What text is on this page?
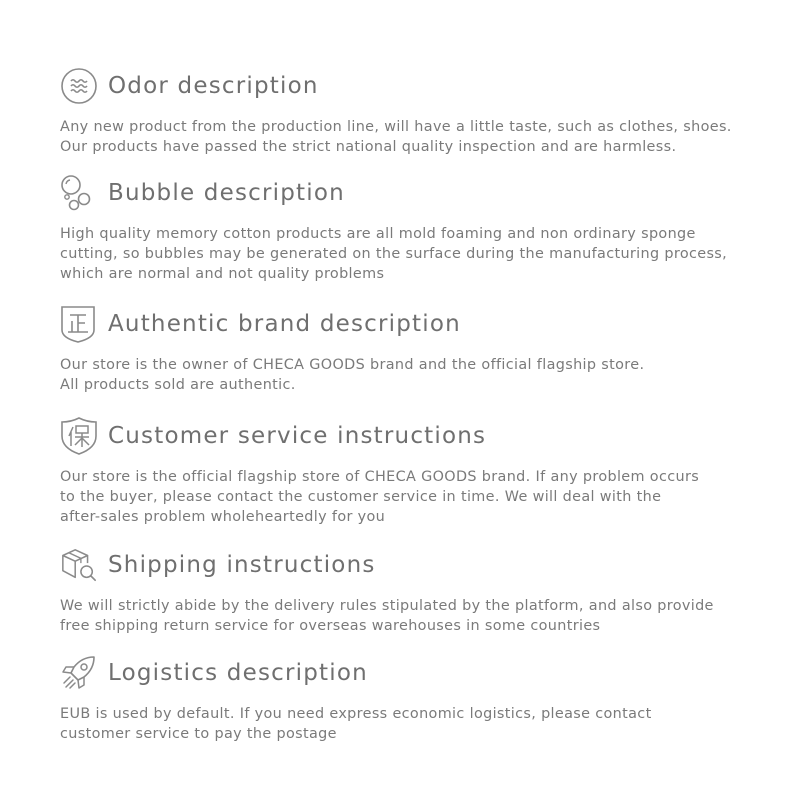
Odor description
Any new product from the production line, will have a little taste, such as clothes, shoes.
Our products have passed the strict national quality inspection and are harmless.
Bubble description
High quality memory cotton products are all mold foaming and non ordinary sponge
cutting, so bubbles may be generated on the surface during the manufacturing process,
which are normal and not quality problems
Authentic brand description
Our store is the owner of CHECA GOODS brand and the official flagship store.
All products sold are authentic.
Customer service instructions
Our store is the official flagship store of CHECA GOODS brand. If any problem occurs
to the buyer, please contact the customer service in time. We will deal with the
after-sales problem wholeheartedly for you
Shipping instructions
We will strictly abide by the delivery rules stipulated by the platform, and also provide
free shipping return service for overseas warehouses in some countries
Logistics description
EUB is used by default. If you need express economic logistics, please contact
customer service to pay the postage
